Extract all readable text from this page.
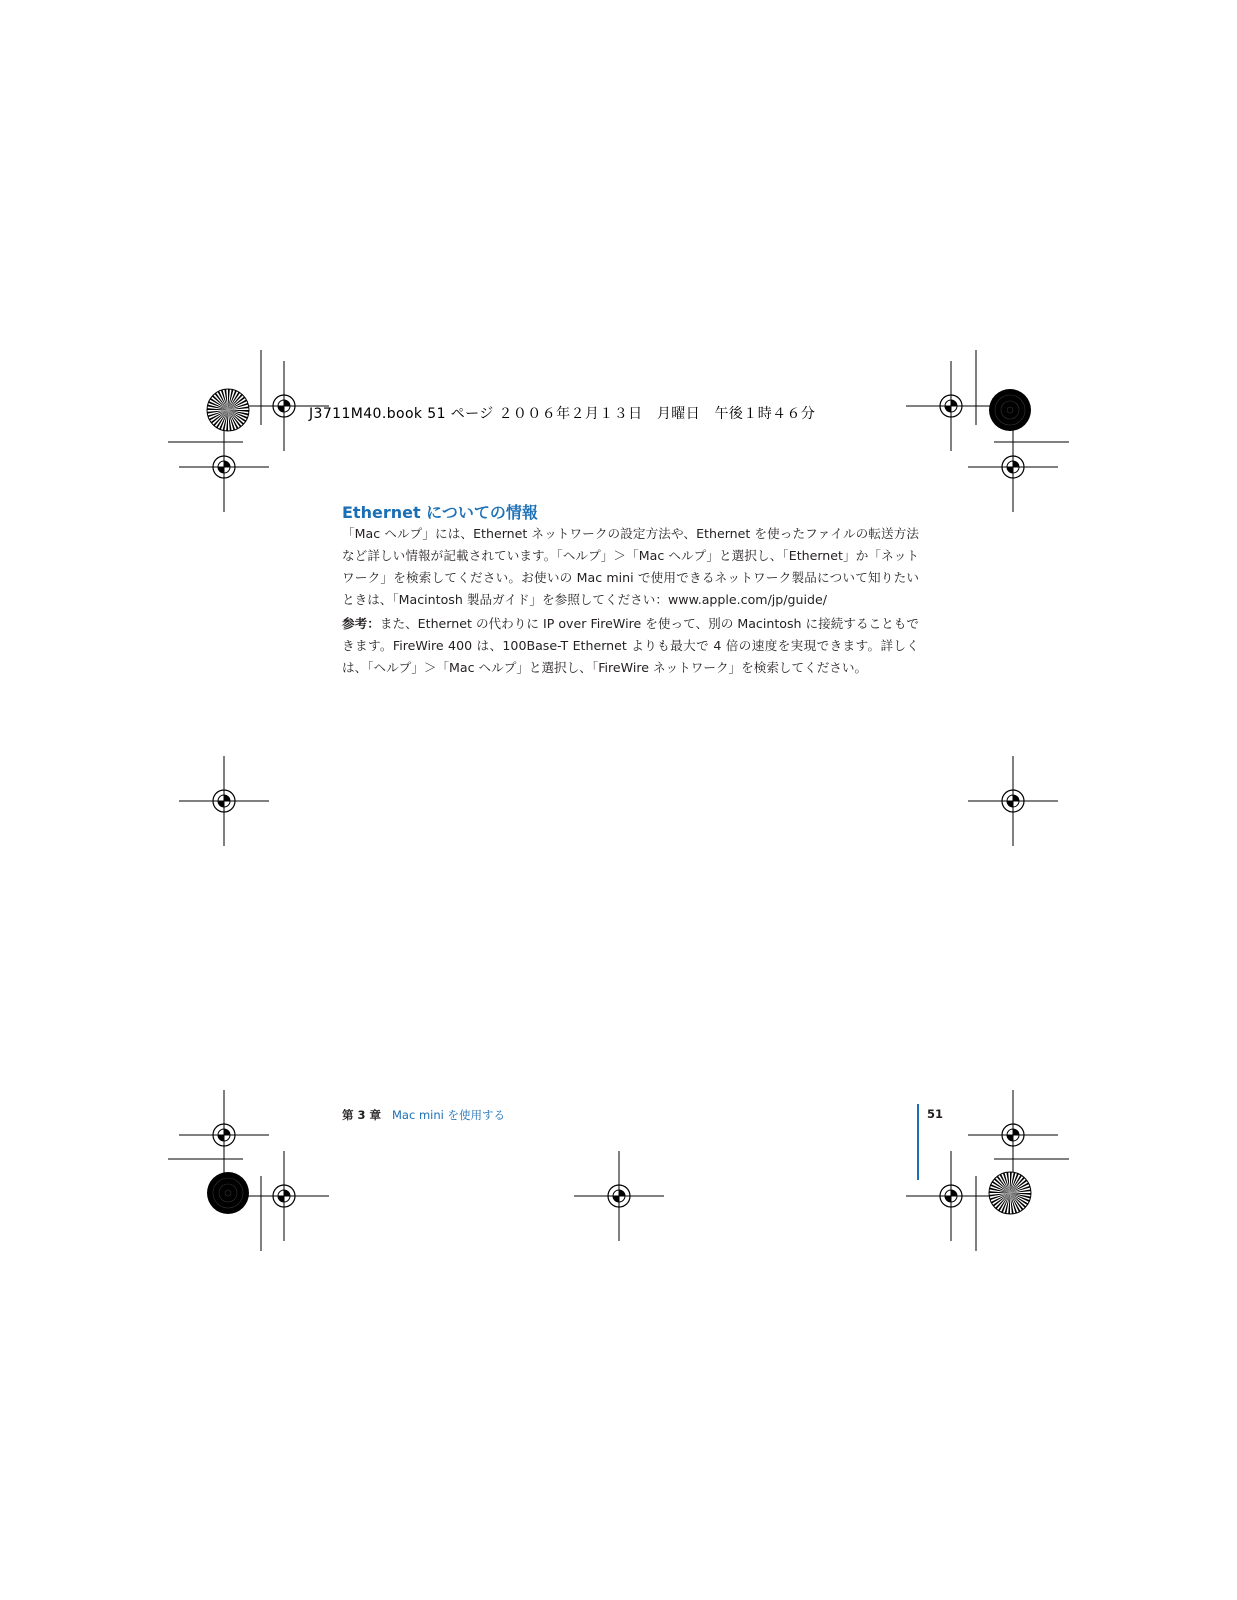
J3711M40.book 51 ページ ２００６年２月１３日　月曜日　午後１時４６分
Ethernet についての情報

「Mac ヘルプ」には、Ethernet ネットワークの設定方法や、Ethernet を使ったファイルの転送方法など詳しい情報が記載されています。「ヘルプ」＞「Mac ヘルプ」と選択し、「Ethernet」か「ネットワーク」を検索してください。お使いの Mac mini で使用できるネットワーク製品について知りたいときは、「Macintosh 製品ガイド」を参照してください：www.apple.com/jp/guide/

参考：また、Ethernet の代わりに IP over FireWire を使って、別の Macintosh に接続することもできます。FireWire 400 は、100Base-T Ethernet よりも最大で 4 倍の速度を実現できます。詳しくは、「ヘルプ」＞「Mac ヘルプ」と選択し、「FireWire ネットワーク」を検索してください。

第 3 章 Mac mini を使用する	51
